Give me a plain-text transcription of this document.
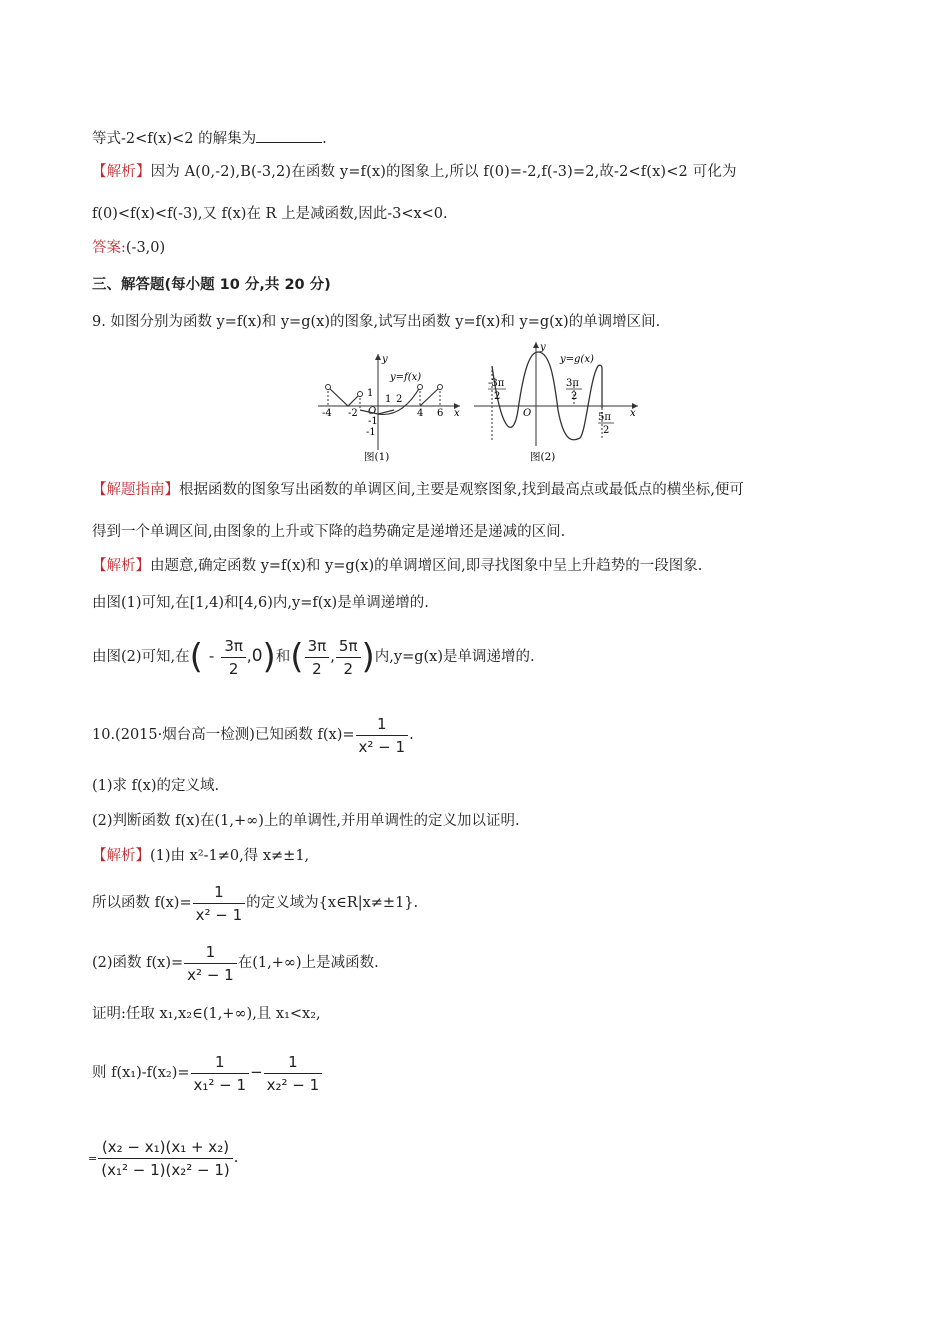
等式-2<f(x)<2 的解集为	.
【解析】因为 A(0,-2),B(-3,2)在函数 y=f(x)的图象上,所以 f(0)=-2,f(-3)=2,故-2<f(x)<2 可化为
f(0)<f(x)<f(-3),又 f(x)在 R 上是减函数,因此-3<x<0.
答案:(-3,0)
三、解答题(每小题 10 分,共 20 分)
9. 如图分别为函数 y=f(x)和 y=g(x)的图象,试写出函数 y=f(x)和 y=g(x)的单调增区间.
y
x
y=f(x)
O
-4 -2
-1
1 2
4 6
1
-1
图(1)
y
x
y=g(x)
O
-3π
2
3π
2
5π
2
图(2)
【解题指南】根据函数的图象写出函数的单调区间,主要是观察图象,找到最高点或最低点的横坐标,便可
得到一个单调区间,由图象的上升或下降的趋势确定是递增还是递减的区间.
【解析】由题意,确定函数 y=f(x)和 y=g(x)的单调增区间,即寻找图象中呈上升趋势的一段图象.
由图(1)可知,在[1,4)和[4,6)内,y=f(x)是单调递增的.
由图(2)可知,在( - $\frac{3\pi}{2} ,0$)和( $\frac{3\pi}{2}$ , $\frac{5\pi}{2}$ )内,y=g(x)是单调递增的.
10.(2015·烟台高一检测)已知函数 $f(x)= \frac{1}{\text{x² − 1}}$ .
(1)求 f(x)的定义域.
(2)判断函数 f(x)在(1,+∞)上的单调性,并用单调性的定义加以证明.
【解析】(1)由 x²-1≠0,得 x≠±1,
所以函数 $f(x)= \frac{1}{\text{x² − 1}}$ 的定义域为{x∈R|x≠±1}.
(2)函数 $f(x)= \frac{1}{\text{x² − 1}}$ 在(1,+∞)上是减函数.
证明:任取 x₁,x₂∈(1,+∞),且 x₁<x₂,
则 $f(x_1)-f(x_2)= \frac{1}{\text{x₁² − 1}} - \frac{1}{\text{x₂² − 1}}$
= $\frac{\text{(x₂ − x₁)(x₁ + x₂)}}{\text{(x₁² − 1)(x₂² − 1)}}$ .
